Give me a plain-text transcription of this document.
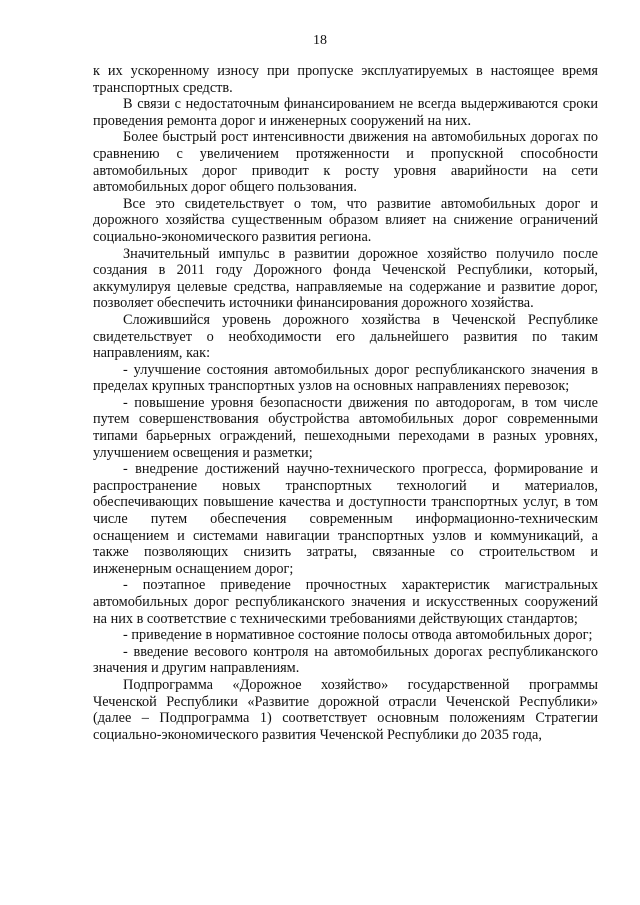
18

к их ускоренному износу при пропуске эксплуатируемых в настоящее время транспортных средств.

В связи с недостаточным финансированием не всегда выдерживаются сроки проведения ремонта дорог и инженерных сооружений на них.

Более быстрый рост интенсивности движения на автомобильных дорогах по сравнению с увеличением протяженности и пропускной способности автомобильных дорог приводит к росту уровня аварийности на сети автомобильных дорог общего пользования.

Все это свидетельствует о том, что развитие автомобильных дорог и дорожного хозяйства существенным образом влияет на снижение ограничений социально-экономического развития региона.

Значительный импульс в развитии дорожное хозяйство получило после создания в 2011 году Дорожного фонда Чеченской Республики, который, аккумулируя целевые средства, направляемые на содержание и развитие дорог, позволяет обеспечить источники финансирования дорожного хозяйства.

Сложившийся уровень дорожного хозяйства в Чеченской Республике свидетельствует о необходимости его дальнейшего развития по таким направлениям, как:

- улучшение состояния автомобильных дорог республиканского значения в пределах крупных транспортных узлов на основных направлениях перевозок;

- повышение уровня безопасности движения по автодорогам, в том числе путем совершенствования обустройства автомобильных дорог современными типами барьерных ограждений, пешеходными переходами в разных уровнях, улучшением освещения и разметки;

- внедрение достижений научно-технического прогресса, формирование и распространение новых транспортных технологий и материалов, обеспечивающих повышение качества и доступности транспортных услуг, в том числе путем обеспечения современным информационно-техническим оснащением и системами навигации транспортных узлов и коммуникаций, а также позволяющих снизить затраты, связанные со строительством и инженерным оснащением дорог;

- поэтапное приведение прочностных характеристик магистральных автомобильных дорог республиканского значения и искусственных сооружений на них в соответствие с техническими требованиями действующих стандартов;

- приведение в нормативное состояние полосы отвода автомобильных дорог;

- введение весового контроля на автомобильных дорогах республиканского значения и другим направлениям.

Подпрограмма «Дорожное хозяйство» государственной программы Чеченской Республики «Развитие дорожной отрасли Чеченской Республики» (далее – Подпрограмма 1) соответствует основным положениям Стратегии социально-экономического развития Чеченской Республики до 2035 года,
